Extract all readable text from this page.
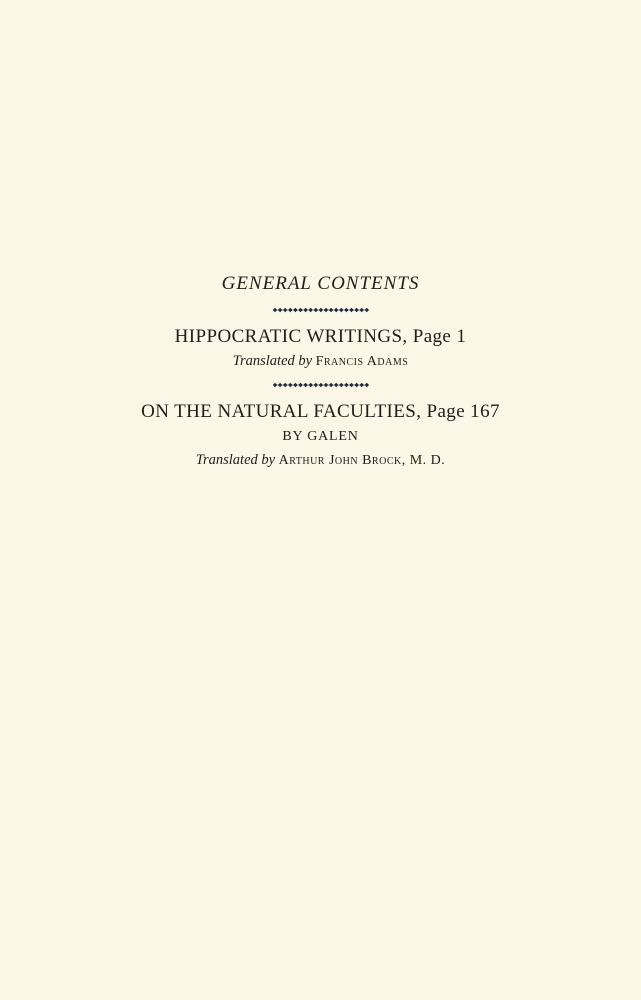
GENERAL CONTENTS

HIPPOCRATIC WRITINGS, Page 1

Translated by Francis Adams

ON THE NATURAL FACULTIES, Page 167

BY GALEN

Translated by Arthur John Brock, M. D.
